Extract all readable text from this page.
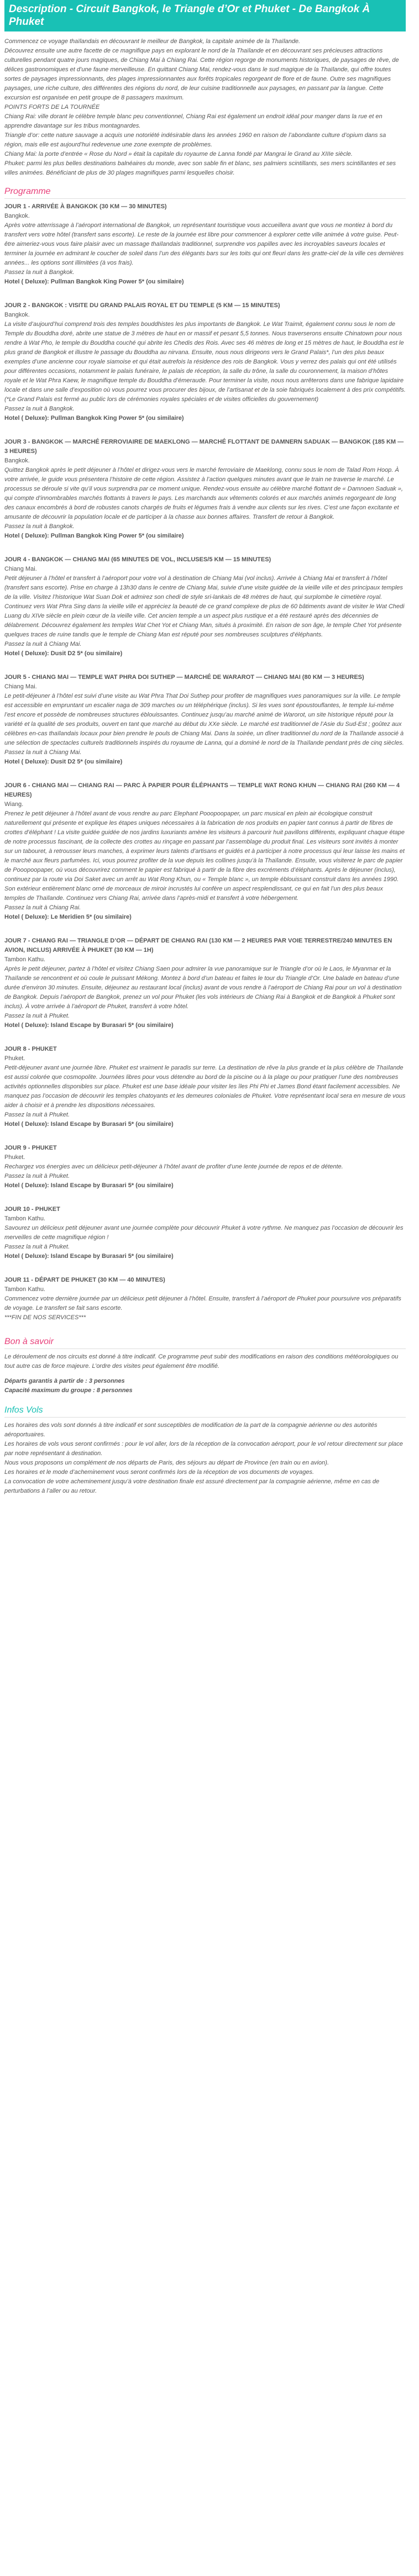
Description - Circuit Bangkok, le Triangle d’Or et Phuket - De Bangkok À Phuket

Commencez ce voyage thaïlandais en découvrant le meilleur de Bangkok, la capitale animée de la Thaïlande.

Découvrez ensuite une autre facette de ce magnifique pays en explorant le nord de la Thaïlande et en découvrant ses précieuses attractions culturelles pendant quatre jours magiques, de Chiang Mai à Chiang Rai. Cette région regorge de monuments historiques, de paysages de rêve, de délices gastronomiques et d’une faune merveilleuse. En quittant Chiang Mai, rendez-vous dans le sud magique de la Thaïlande, qui offre toutes sortes de paysages impressionnants, des plages impressionnantes aux forêts tropicales regorgeant de flore et de faune. Outre ses magnifiques paysages, une riche culture, des différentes des régions du nord, de leur cuisine traditionnelle aux paysages, en passant par la langue. Cette excursion est organisée en petit groupe de 8 passagers maximum.

POINTS FORTS DE LA TOURNÉE

Chiang Rai: ville dorant le célèbre temple blanc peu conventionnel, Chiang Rai est également un endroit idéal pour manger dans la rue et en apprendre davantage sur les tribus montagnardes.

Triangle d’or: cette nature sauvage a acquis une notoriété indésirable dans les années 1960 en raison de l’abondante culture d’opium dans sa région, mais elle est aujourd’hui redevenue une zone exempte de problèmes.

Chiang Mai: la porte d’entrée « Rose du Nord » était la capitale du royaume de Lanna fondé par Mangrai le Grand au XIIIe siècle.

Phuket: parmi les plus belles destinations balnéaires du monde, avec son sable fin et blanc, ses palmiers scintillants, ses mers scintillantes et ses villes animées. Bénéficiant de plus de 30 plages magnifiques parmi lesquelles choisir.

Programme

JOUR 1 - ARRIVÉE À BANGKOK (30 KM — 30 MINUTES)

Bangkok.

Après votre atterrissage à l’aéroport international de Bangkok, un représentant touristique vous accueillera avant que vous ne montiez à bord du transfert vers votre hôtel (transfert sans escorte). Le reste de la journée est libre pour commencer à explorer cette ville animée à votre guise. Peut-être aimeriez-vous vous faire plaisir avec un massage thaïlandais traditionnel, surprendre vos papilles avec les incroyables saveurs locales et terminer la journée en admirant le coucher de soleil dans l’un des élégants bars sur les toits qui ont fleuri dans les gratte-ciel de la ville ces dernières années... les options sont illimitées (à vos frais).

Passez la nuit à Bangkok.

Hotel ( Deluxe): Pullman Bangkok King Power 5* (ou similaire)

JOUR 2 - BANGKOK : VISITE DU GRAND PALAIS ROYAL ET DU TEMPLE (5 KM — 15 MINUTES)

Bangkok.

La visite d’aujourd’hui comprend trois des temples bouddhistes les plus importants de Bangkok. Le Wat Traimit, également connu sous le nom de Temple du Bouddha doré, abrite une statue de 3 mètres de haut en or massif et pesant 5,5 tonnes. Nous traverserons ensuite Chinatown pour nous rendre à Wat Pho, le temple du Bouddha couché qui abrite les Chedis des Rois. Avec ses 46 mètres de long et 15 mètres de haut, le Bouddha est le plus grand de Bangkok et illustre le passage du Bouddha au nirvana. Ensuite, nous nous dirigeons vers le Grand Palais*, l’un des plus beaux exemples d’une ancienne cour royale siamoise et qui était autrefois la résidence des rois de Bangkok. Vous y verrez des palais qui ont été utilisés pour différentes occasions, notamment le palais funéraire, le palais de réception, la salle du trône, la salle du couronnement, la maison d’hôtes royale et le Wat Phra Kaew, le magnifique temple du Bouddha d’émeraude. Pour terminer la visite, nous nous arrêterons dans une fabrique lapidaire locale et dans une salle d’exposition où vous pourrez vous procurer des bijoux, de l’artisanat et de la soie fabriqués localement à des prix compétitifs. (*Le Grand Palais est fermé au public lors de cérémonies royales spéciales et de visites officielles du gouvernement)

Passez la nuit à Bangkok.

Hotel ( Deluxe): Pullman Bangkok King Power 5* (ou similaire)

JOUR 3 - BANGKOK — MARCHÉ FERROVIAIRE DE MAEKLONG — MARCHÉ FLOTTANT DE DAMNERN SADUAK — BANGKOK (185 KM — 3 HEURES)

Bangkok.

Quittez Bangkok après le petit déjeuner à l’hôtel et dirigez-vous vers le marché ferroviaire de Maeklong, connu sous le nom de Talad Rom Hoop. À votre arrivée, le guide vous présentera l’histoire de cette région. Assistez à l’action quelques minutes avant que le train ne traverse le marché. Le processus se déroule si vite qu’il vous surprendra par ce moment unique. Rendez-vous ensuite au célèbre marché flottant de « Damnoen Saduak », qui compte d’innombrables marchés flottants à travers le pays. Les marchands aux vêtements colorés et aux marchés animés regorgeant de long des canaux encombrés à bord de robustes canots chargés de fruits et légumes frais à vendre aux clients sur les rives. C’est une façon excitante et amusante de découvrir la population locale et de participer à la chasse aux bonnes affaires. Transfert de retour à Bangkok.

Passez la nuit à Bangkok.

Hotel ( Deluxe): Pullman Bangkok King Power 5* (ou similaire)

JOUR 4 - BANGKOK — CHIANG MAI (65 MINUTES DE VOL, INCLUSES/5 KM — 15 MINUTES)

Chiang Mai.

Petit déjeuner à l’hôtel et transfert à l’aéroport pour votre vol à destination de Chiang Mai (vol inclus). Arrivée à Chiang Mai et transfert à l’hôtel (transfert sans escorte). Prise en charge à 13h30 dans le centre de Chiang Mai, suivie d’une visite guidée de la vieille ville et des principaux temples de la ville. Visitez l’historique Wat Suan Dok et admirez son chedi de style sri-lankais de 48 mètres de haut, qui surplombe le cimetière royal. Continuez vers Wat Phra Sing dans la vieille ville et appréciez la beauté de ce grand complexe de plus de 60 bâtiments avant de visiter le Wat Chedi Luang du XIVe siècle en plein cœur de la vieille ville. Cet ancien temple a un aspect plus rustique et a été restauré après des décennies de délabrement. Découvrez également les temples Wat Chet Yot et Chiang Man, situés à proximité. En raison de son âge, le temple Chet Yot présente quelques traces de ruine tandis que le temple de Chiang Man est réputé pour ses nombreuses sculptures d’éléphants.

Passez la nuit à Chiang Mai.

Hotel ( Deluxe): Dusit D2 5* (ou similaire)

JOUR 5 - CHIANG MAI — TEMPLE WAT PHRA DOI SUTHEP — MARCHÉ DE WARAROT — CHIANG MAI (80 KM — 3 HEURES)

Chiang Mai.

Le petit-déjeuner à l’hôtel est suivi d’une visite au Wat Phra That Doi Suthep pour profiter de magnifiques vues panoramiques sur la ville. Le temple est accessible en empruntant un escalier naga de 309 marches ou un téléphérique (inclus). Si les vues sont époustouflantes, le temple lui-même l’est encore et possède de nombreuses structures éblouissantes. Continuez jusqu’au marché animé de Warorot, un site historique réputé pour la variété et la qualité de ses produits, ouvert en tant que marché au début du XXe siècle. Le marché est traditionnel de l’Asie du Sud-Est ; goûtez aux célèbres en-cas thaïlandais locaux pour bien prendre le pouls de Chiang Mai. Dans la soirée, un dîner traditionnel du nord de la Thaïlande associé à une sélection de spectacles culturels traditionnels inspirés du royaume de Lanna, qui a dominé le nord de la Thaïlande pendant près de cinq siècles.

Passez la nuit à Chiang Mai.

Hotel ( Deluxe): Dusit D2 5* (ou similaire)

JOUR 6 - CHIANG MAI — CHIANG RAI — PARC À PAPIER POUR ÉLÉPHANTS — TEMPLE WAT RONG KHUN — CHIANG RAI (260 KM — 4 HEURES)

Wiang.

Prenez le petit déjeuner à l’hôtel avant de vous rendre au parc Elephant Pooopoopaper, un parc musical en plein air écologique construit naturellement qui présente et explique les étapes uniques nécessaires à la fabrication de nos produits en papier tant connus à partir de fibres de crottes d’éléphant ! La visite guidée guidée de nos jardins luxuriants amène les visiteurs à parcourir huit pavillons différents, expliquant chaque étape de notre processus fascinant, de la collecte des crottes au rinçage en passant par l’assemblage du produit final. Les visiteurs sont invités à monter sur un tabouret, à retrousser leurs manches, à exprimer leurs talents d’artisans et guidés et à participer à notre processus qui leur laisse les mains et le marché aux fleurs parfumées. Ici, vous pourrez profiter de la vue depuis les collines jusqu’à la Thaïlande. Ensuite, vous visiterez le parc de papier de Pooopoopaper, où vous découvrirez comment le papier est fabriqué à partir de la fibre des excréments d’éléphants. Après le déjeuner (inclus), continuez par la route via Doi Saket avec un arrêt au Wat Rong Khun, ou « Temple blanc », un temple éblouissant construit dans les années 1990. Son extérieur entièrement blanc orné de morceaux de miroir incrustés lui confère un aspect resplendissant, ce qui en fait l’un des plus beaux temples de Thaïlande. Continuez vers Chiang Rai, arrivée dans l’après-midi et transfert à votre hébergement.

Passez la nuit à Chiang Rai.

Hotel ( Deluxe): Le Meridien 5* (ou similaire)

JOUR 7 - CHIANG RAI — TRIANGLE D’OR — DÉPART DE CHIANG RAI (130 KM — 2 HEURES PAR VOIE TERRESTRE/240 MINUTES EN AVION, INCLUS) ARRIVÉE À PHUKET (30 KM — 1H)

Tambon Kathu.

Après le petit déjeuner, partez à l’hôtel et visitez Chiang Saen pour admirer la vue panoramique sur le Triangle d’or où le Laos, le Myanmar et la Thaïlande se rencontrent et où coule le puissant Mékong. Montez à bord d’un bateau et faites le tour du Triangle d’Or. Une balade en bateau d’une durée d’environ 30 minutes. Ensuite, déjeunez au restaurant local (inclus) avant de vous rendre à l’aéroport de Chiang Rai pour un vol à destination de Bangkok. Depuis l’aéroport de Bangkok, prenez un vol pour Phuket (les vols intérieurs de Chiang Rai à Bangkok et de Bangkok à Phuket sont inclus). À votre arrivée à l’aéroport de Phuket, transfert à votre hôtel.

Passez la nuit à Phuket.

Hotel ( Deluxe): Island Escape by Burasari 5* (ou similaire)

JOUR 8 - PHUKET

Phuket.

Petit-déjeuner avant une journée libre. Phuket est vraiment le paradis sur terre. La destination de rêve la plus grande et la plus célèbre de Thaïlande est aussi colorée que cosmopolite. Journées libres pour vous détendre au bord de la piscine ou à la plage ou pour pratiquer l’une des nombreuses activités optionnelles disponibles sur place. Phuket est une base idéale pour visiter les îles Phi Phi et James Bond étant facilement accessibles. Ne manquez pas l’occasion de découvrir les temples chatoyants et les demeures coloniales de Phuket. Votre représentant local sera en mesure de vous aider à choisir et à prendre les dispositions nécessaires.

Passez la nuit à Phuket.

Hotel ( Deluxe): Island Escape by Burasari 5* (ou similaire)

JOUR 9 - PHUKET

Phuket.

Rechargez vos énergies avec un délicieux petit-déjeuner à l’hôtel avant de profiter d’une lente journée de repos et de détente.

Passez la nuit à Phuket.

Hotel ( Deluxe): Island Escape by Burasari 5* (ou similaire)

JOUR 10 - PHUKET

Tambon Kathu.

Savourez un délicieux petit déjeuner avant une journée complète pour découvrir Phuket à votre rythme. Ne manquez pas l’occasion de découvrir les merveilles de cette magnifique région !

Passez la nuit à Phuket.

Hotel ( Deluxe): Island Escape by Burasari 5* (ou similaire)

JOUR 11 - DÉPART DE PHUKET (30 KM — 40 MINUTES)

Tambon Kathu.

Commencez votre dernière journée par un délicieux petit déjeuner à l’hôtel. Ensuite, transfert à l’aéroport de Phuket pour poursuivre vos préparatifs de voyage. Le transfert se fait sans escorte.

***FIN DE NOS SERVICES***

Bon à savoir

Le déroulement de nos circuits est donné à titre indicatif. Ce programme peut subir des modifications en raison des conditions météorologiques ou tout autre cas de force majeure. L’ordre des visites peut également être modifié.

Départs garantis à partir de : 3 personnes

Capacité maximum du groupe : 8 personnes

Infos Vols

Les horaires des vols sont donnés à titre indicatif et sont susceptibles de modification de la part de la compagnie aérienne ou des autorités aéroportuaires.

Les horaires de vols vous seront confirmés : pour le vol aller, lors de la réception de la convocation aéroport, pour le vol retour directement sur place par notre représentant à destination.

Nous vous proposons un complément de nos départs de Paris, des séjours au départ de Province (en train ou en avion).

Les horaires et le mode d’acheminement vous seront confirmés lors de la réception de vos documents de voyages.

La convocation de votre acheminement jusqu’à votre destination finale est assuré directement par la compagnie aérienne, même en cas de perturbations à l’aller ou au retour.
